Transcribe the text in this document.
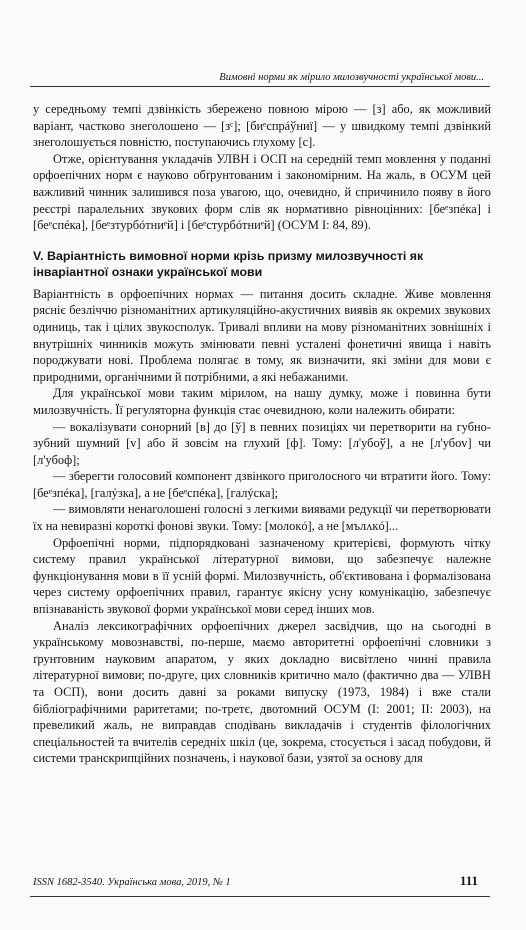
Вимовні норми як мірило милозвучності української мови...

у середньому темпі дзвінкість збережено повною мірою — [з] або, як можливий варіант, частково знеголошено — [зᶜ]; [биᵉспрáўниї] — у швидкому темпі дзвінкий знеголошується повністю, поступаючись глухому [с].

Отже, орієнтування укладачів УЛВН і ОСП на середній темп мовлення у поданні орфоепічних норм є науково обґрунтованим і закономірним. На жаль, в ОСУМ цей важливий чинник залишився поза увагою, що, очевидно, й спричинило появу в його реєстрі паралельних звукових форм слів як нормативно рівноцінних: [беᵉзпéка] і [беᵉспéка], [беᵉзтурбóтниᵉй] і [беᵉстурбóтниᵉй] (ОСУМ I: 84, 89).

V. Варіантність вимовної норми крізь призму милозвучності як інваріантної ознаки української мови

Варіантність в орфоепічних нормах — питання досить складне. Живе мовлення рясніє безліччю різноманітних артикуляційно-акустичних виявів як окремих звукових одиниць, так і цілих звукосполук. Тривалі впливи на мову різноманітних зовнішніх і внутрішніх чинників можуть змінювати певні усталені фонетичні явища і навіть породжувати нові. Проблема полягає в тому, як визначити, які зміни для мови є природними, органічними й потрібними, а які небажаними.

Для української мови таким мірилом, на нашу думку, може і повинна бути милозвучність. Її регуляторна функція стає очевидною, коли належить обирати:

— вокалізувати сонорний [в] до [ў] в певних позиціях чи перетворити на губно-зубний шумний [v] або й зовсім на глухий [ф]. Тому: [л'убоў], а не [л'убоv] чи [л'убоф];

— зберегти голосовий компонент дзвінкого приголосного чи втратити його. Тому: [беᵉзпéка], [галýзка], а не [беᵉспéка], [галýска];

— вимовляти ненаголошені голосні з легкими виявами редукції чи перетворювати їх на невиразні короткі фонові звуки. Тому: [молокó], а не [мълʌкó]...

Орфоепічні норми, підпорядковані зазначеному критерієві, формують чітку систему правил української літературної вимови, що забезпечує належне функціонування мови в її усній формі. Милозвучність, об'єктивована і формалізована через систему орфоепічних правил, гарантує якісну усну комунікацію, забезпечує впізнаваність звукової форми української мови серед інших мов.

Аналіз лексикографічних орфоепічних джерел засвідчив, що на сьогодні в українському мовознавстві, по-перше, маємо авторитетні орфоепічні словники з ґрунтовним науковим апаратом, у яких докладно висвітлено чинні правила літературної вимови; по-друге, цих словників критично мало (фактично два — УЛВН та ОСП), вони досить давні за роками випуску (1973, 1984) і вже стали бібліографічними раритетами; по-третє, двотомний ОСУМ (I: 2001; II: 2003), на превеликий жаль, не виправдав сподівань викладачів і студентів філологічних спеціальностей та вчителів середніх шкіл (це, зокрема, стосується і засад побудови, й системи транскрипційних позначень, і наукової бази, узятої за основу для

ISSN 1682-3540. Українська мова, 2019, № 1	111
